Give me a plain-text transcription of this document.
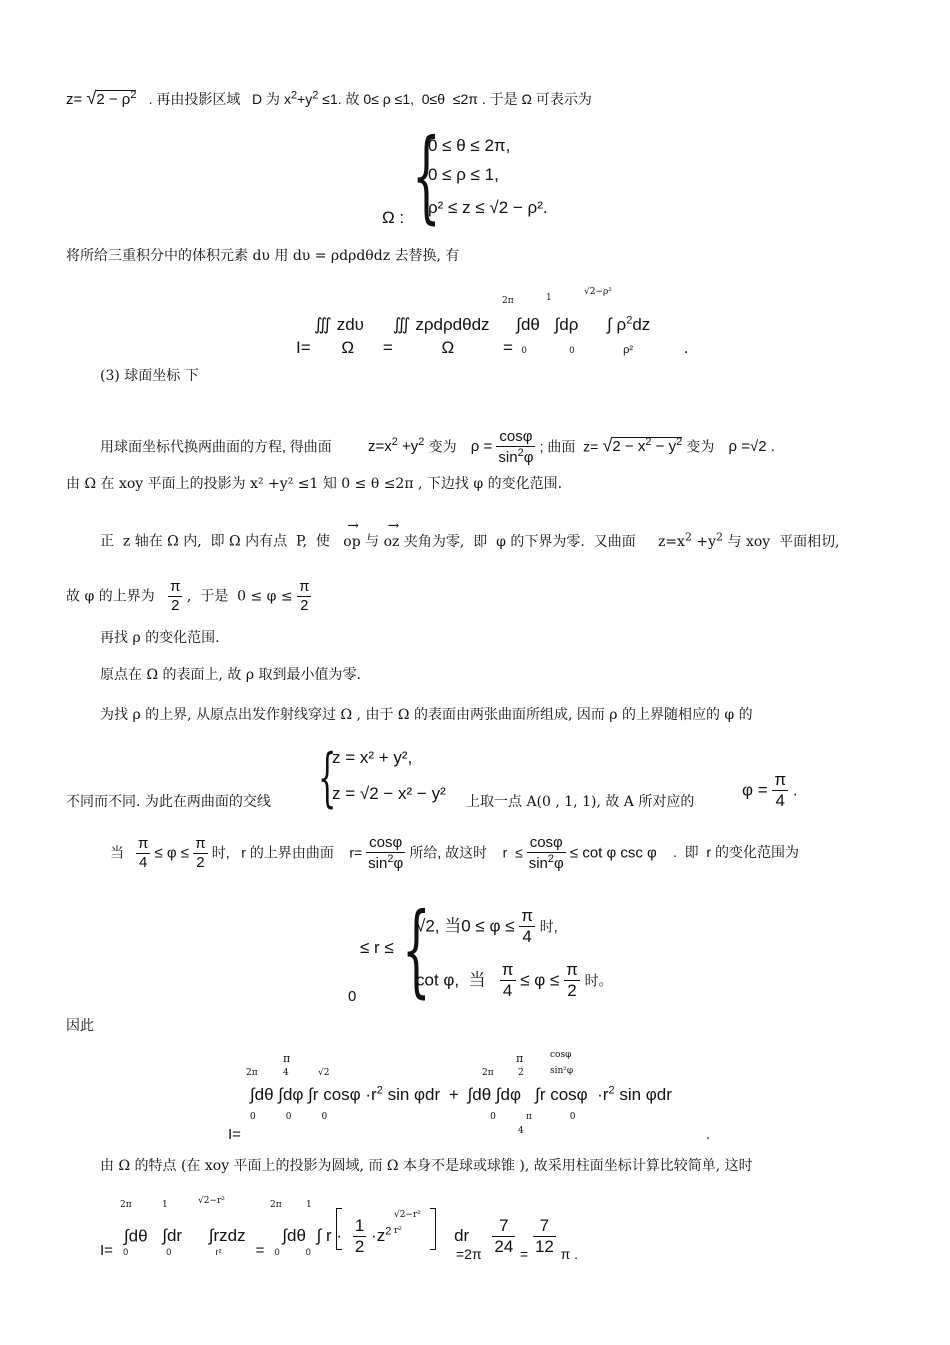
$z= √2 - \rho^2$ . 再由投影区域   D 为 $x^2+y^2 \le 1$. 故 0≤ ρ ≤1,  0≤θ  ≤2π . 于是 Ω 可表示为
{
0 ≤ θ ≤ 2π,
0 ≤ ρ ≤ 1,
ρ² ≤ z ≤ √2 − ρ².
Ω :
将所给三重积分中的体积元素 dυ 用 dυ = ρdρdθdz 去替换, 有
2π	1
√2−ρ²
∭ zdυ ∭ zρdρdθdz ∫dθ ∫dρ ∫ $\rho^2dz$
I= Ω =	Ω	= 0	0	ρ²	.
(3) 球面坐标 下
用球面坐标代换两曲面的方程, 得曲面 $z=x^2 +y^2$ 变为 $\rho = \frac{\cos\varphi}{\sin^2\varphi}$ ; 曲面  $z= √2 - x^2 - y^2$ 变为 ρ =√2 .
由 Ω 在 xoy 平面上的投影为 x² +y² ≤1 知 0 ≤ θ ≤2π , 下边找 φ 的变化范围.
正  z 轴在 Ω 内,  即 Ω 内有点  P,  使
→
op 与
→
oz 夹角为零,  即  φ 的下界为零.  又曲面     $z=x^2 +y^2$ 与 xoy  平面相切,
故 φ 的上界为 $\frac{\pi}{2}$ ,  于是  $0 \le \varphi \le \frac{\pi}{2}$
再找 ρ 的变化范围.
原点在 Ω 的表面上, 故 ρ 取到最小值为零.
为找 ρ 的上界, 从原点出发作射线穿过 Ω , 由于 Ω 的表面由两张曲面所组成, 因而 ρ 的上界随相应的 φ 的
{
z = x² + y²,
z = √2 − x² − y²
不同而不同. 为此在两曲面的交线	上取一点 A(0 , 1, 1), 故 A 所对应的
$\varphi = \frac{\pi}{4}$ .
当 $\frac{\pi}{4} \le \varphi \le \frac{\pi}{2}$ 时,   r 的上界由曲面    $r= \frac{\cos\varphi}{\sin^2\varphi}$ 所给, 故这时    $r \le \frac{\cos\varphi}{\sin^2\varphi} \le \cot \varphi$ csc φ .  即  r 的变化范围为
≤ r ≤
0 {
√2, 当$0 \le \varphi \le \frac{\pi}{4}$ 时,
cot φ,  当 $\frac{\pi}{4} \le \varphi \le \frac{\pi}{2}$ 时。
因此
2π
π
4	√2	2π
π
2
cosφ
sin²φ
∫dθ ∫dφ ∫r $\cos\varphi \cdot r^2$ sin φdr + ∫dθ ∫dφ   ∫r $\cos\varphi \cdot r^2$ sin φdr
0	0	0	0	π	0
4
I=	.
由 Ω 的特点 (在 xoy 平面上的投影为圆域, 而 Ω 本身不是球或球锥 ), 故采用柱面坐标计算比较简单, 这时
2π	1	√2−r²	2π	1
√2−r²
r²
∫dθ ∫dr ∫rzdz ∫dθ ∫ $r \cdot \frac{1}{2} \cdot z^2$	dr
I= 0	0	r² = 0	0	$_{=2\pi} \frac{7}{24} _= \frac{7}{12} _{\pi .}$
